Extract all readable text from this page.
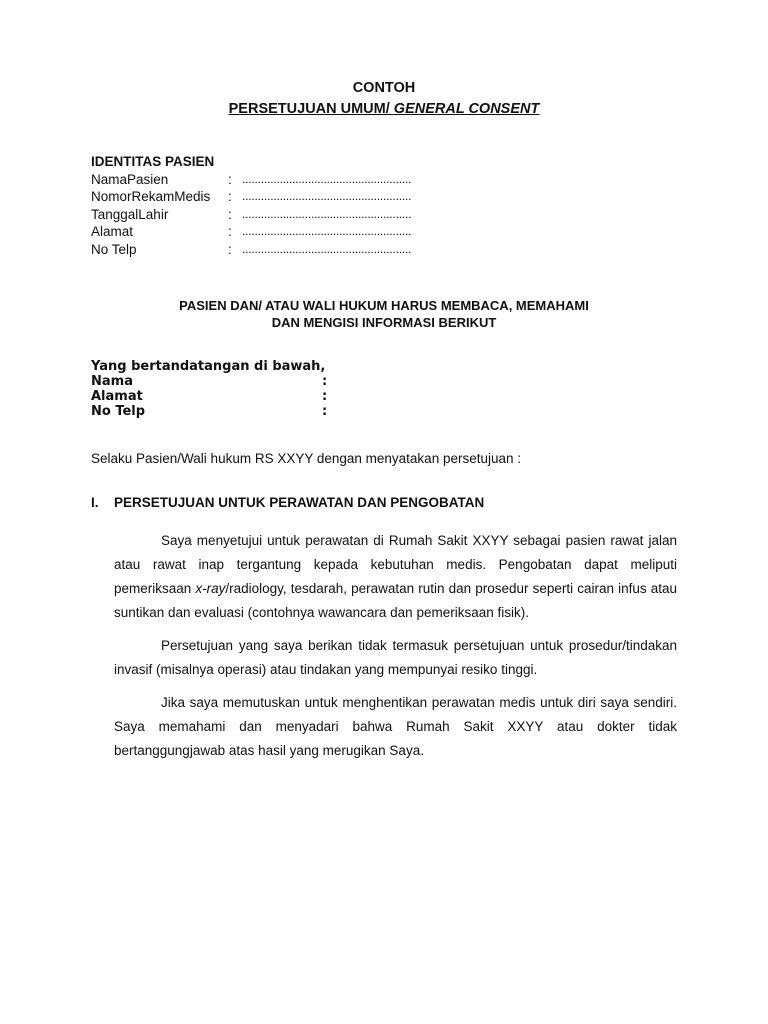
CONTOH
PERSETUJUAN UMUM/ GENERAL CONSENT
IDENTITAS PASIEN
NamaPasien	: ......................................................
NomorRekamMedis	: ......................................................
TanggalLahir	: ......................................................
Alamat	: ......................................................
No Telp	: ......................................................
PASIEN DAN/ ATAU WALI HUKUM HARUS MEMBACA, MEMAHAMI
DAN MENGISI INFORMASI BERIKUT
Yang bertandatangan di bawah,
Nama	:
Alamat	:
No Telp	:
Selaku Pasien/Wali hukum RS XXYY dengan menyatakan persetujuan :
I.	PERSETUJUAN UNTUK PERAWATAN DAN PENGOBATAN

Saya menyetujui untuk perawatan di Rumah Sakit XXYY sebagai pasien rawat jalan atau rawat inap tergantung kepada kebutuhan medis. Pengobatan dapat meliputi pemeriksaan x-ray/radiology, tesdarah, perawatan rutin dan prosedur seperti cairan infus atau suntikan dan evaluasi (contohnya wawancara dan pemeriksaan fisik).

Persetujuan yang saya berikan tidak termasuk persetujuan untuk prosedur/tindakan invasif (misalnya operasi) atau tindakan yang mempunyai resiko tinggi.

Jika saya memutuskan untuk menghentikan perawatan medis untuk diri saya sendiri. Saya memahami dan menyadari bahwa Rumah Sakit XXYY atau dokter tidak bertanggungjawab atas hasil yang merugikan Saya.
